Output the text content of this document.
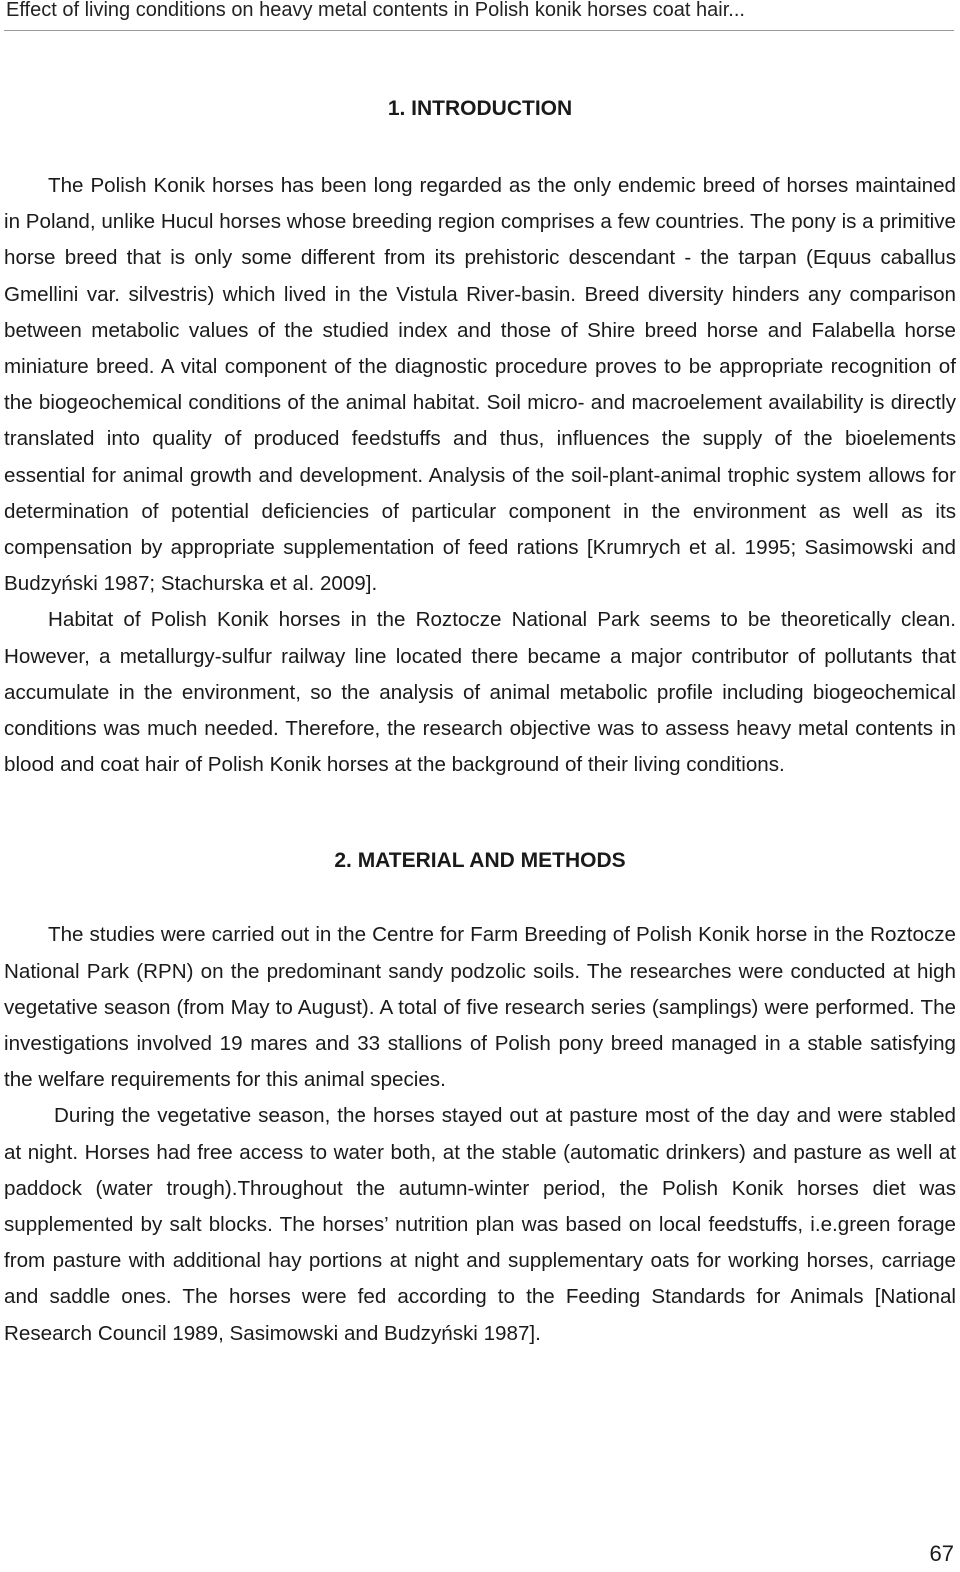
Effect of living conditions on heavy metal contents in Polish konik horses coat hair...
1. INTRODUCTION

The Polish Konik horses has been long regarded as the only endemic breed of horses maintained in Poland, unlike Hucul horses whose breeding region comprises a few countries. The pony is a primitive horse breed that is only some different from its prehistoric descendant - the tarpan (Equus caballus Gmellini var. silvestris) which lived in the Vistula River-basin. Breed diversity hinders any comparison between metabolic values of the studied index and those of Shire breed horse and Falabella horse miniature breed. A vital component of the diagnostic procedure proves to be appropriate recognition of the biogeochemical conditions of the animal habitat. Soil micro- and macroelement availability is directly translated into quality of produced feedstuffs and thus, influences the supply of the bioelements essential for animal growth and development. Analysis of the soil-plant-animal trophic system allows for determination of potential deficiencies of particular component in the environment as well as its compensation by appropriate supplementation of feed rations [Krumrych et al. 1995; Sasimowski and Budzyński 1987; Stachurska et al. 2009].

Habitat of Polish Konik horses in the Roztocze National Park seems to be theoretically clean. However, a metallurgy-sulfur railway line located there became a major contributor of pollutants that accumulate in the environment, so the analysis of animal metabolic profile including biogeochemical conditions was much needed. Therefore, the research objective was to assess heavy metal contents in blood and coat hair of Polish Konik horses at the background of their living conditions.

2. MATERIAL AND METHODS

The studies were carried out in the Centre for Farm Breeding of Polish Konik horse in the Roztocze National Park (RPN) on the predominant sandy podzolic soils. The researches were conducted at high vegetative season (from May to August). A total of five research series (samplings) were performed. The investigations involved 19 mares and 33 stallions of Polish pony breed managed in a stable satisfying the welfare requirements for this animal species.

During the vegetative season, the horses stayed out at pasture most of the day and were stabled at night. Horses had free access to water both, at the stable (automatic drinkers) and pasture as well at paddock (water trough).Throughout the autumn-winter period, the Polish Konik horses diet was supplemented by salt blocks. The horses’ nutrition plan was based on local feedstuffs, i.e.green forage from pasture with additional hay portions at night and supplementary oats for working horses, carriage and saddle ones. The horses were fed according to the Feeding Standards for Animals [National Research Council 1989, Sasimowski and Budzyński 1987].

67
